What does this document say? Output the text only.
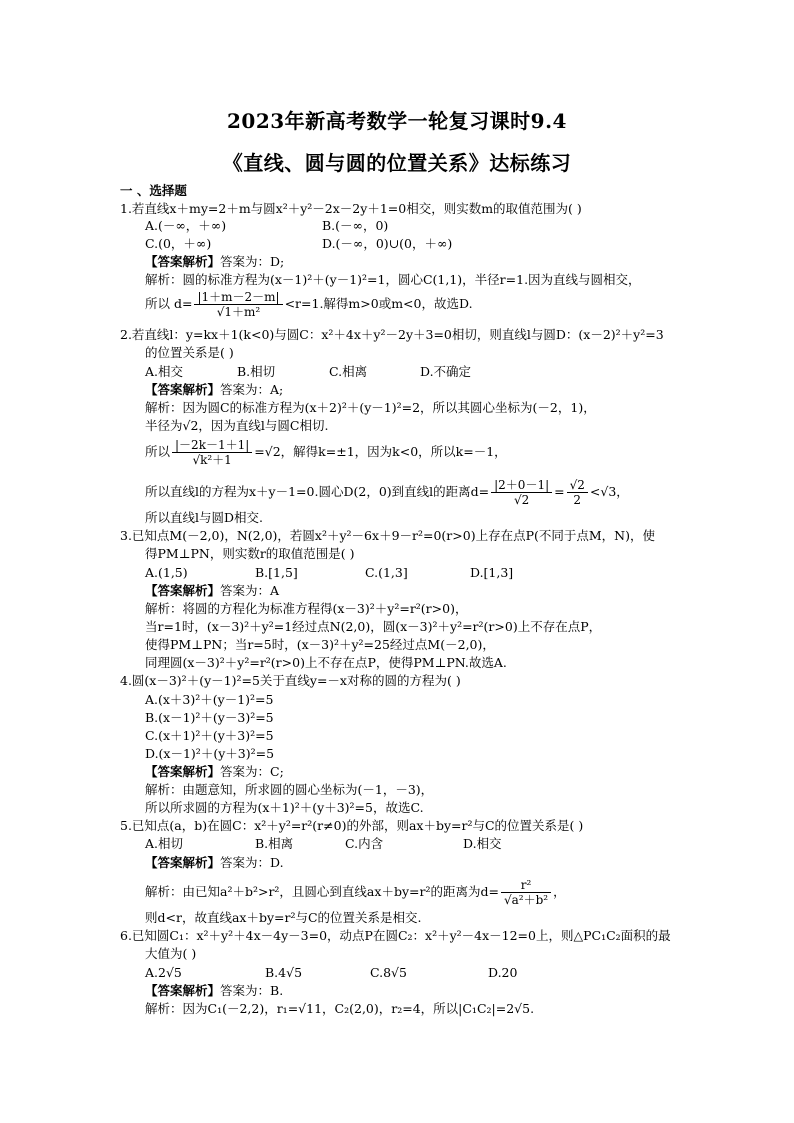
2023年新高考数学一轮复习课时9.4
《直线、圆与圆的位置关系》达标练习
一 、选择题
1.若直线x＋my=2＋m与圆x²＋y²－2x－2y＋1=0相交，则实数m的取值范围为( )
A.(－∞，＋∞)	B.(－∞，0)
C.(0，＋∞)	D.(－∞，0)∪(0，＋∞)
【答案解析】答案为：D;
解析：圆的标准方程为(x－1)²＋(y－1)²=1，圆心C(1,1)，半径r=1.因为直线与圆相交，
所以 $d= \frac{|1+m-2-m|}{\text{√1＋m²}} <r=1$.解得m>0或m<0，故选D.
2.若直线l：y=kx＋1(k<0)与圆C：x²＋4x＋y²－2y＋3=0相切，则直线l与圆D：(x－2)²＋y²=3
的位置关系是( )
A.相交	B.相切	C.相离	D.不确定
【答案解析】答案为：A;
解析：因为圆C的标准方程为(x＋2)²＋(y－1)²=2，所以其圆心坐标为(－2，1)，
半径为√2，因为直线l与圆C相切.
所以 $\frac{|-2k-1+1|}{\text{√k²＋1}} =√2$，解得k=±1，因为k<0，所以k=－1，
所以直线l的方程为x＋y－1=0.圆心D(2，0)到直线l的距离$d= \frac{|2+0-1|}{√2} = \frac{√2}{2} <√3$，
所以直线l与圆D相交.
3.已知点M(－2,0)，N(2,0)，若圆x²＋y²－6x＋9－r²=0(r>0)上存在点P(不同于点M，N)，使
得PM⊥PN，则实数r的取值范围是( )
A.(1,5)	B.[1,5]	C.(1,3]	D.[1,3]
【答案解析】答案为：A
解析：将圆的方程化为标准方程得(x－3)²＋y²=r²(r>0)，
当r=1时，(x－3)²＋y²=1经过点N(2,0)，圆(x－3)²＋y²=r²(r>0)上不存在点P，
使得PM⊥PN；当r=5时，(x－3)²＋y²=25经过点M(－2,0)，
同理圆(x－3)²＋y²=r²(r>0)上不存在点P，使得PM⊥PN.故选A.
4.圆(x－3)²＋(y－1)²=5关于直线y=－x对称的圆的方程为( )
A.(x＋3)²＋(y－1)²=5
B.(x－1)²＋(y－3)²=5
C.(x＋1)²＋(y＋3)²=5
D.(x－1)²＋(y＋3)²=5
【答案解析】答案为：C;
解析：由题意知，所求圆的圆心坐标为(－1，－3)，
所以所求圆的方程为(x＋1)²＋(y＋3)²=5，故选C.
5.已知点(a，b)在圆C：x²＋y²=r²(r≠0)的外部，则ax＋by=r²与C的位置关系是( )
A.相切	B.相离	C.内含	D.相交
【答案解析】答案为：D.
解析：由已知a²＋b²>r²，且圆心到直线ax＋by=r²的距离为$d= \frac{\text{r²}}{\text{√a²＋b²}}$ ，
则d<r，故直线ax＋by=r²与C的位置关系是相交.
6.已知圆C₁：x²＋y²＋4x－4y－3=0，动点P在圆C₂：x²＋y²－4x－12=0上，则△PC₁C₂面积的最
大值为( )
A.2√5	B.4√5	C.8√5	D.20
【答案解析】答案为：B.
解析：因为C₁(－2,2)，r₁=√11，C₂(2,0)，r₂=4，所以|C₁C₂|=2√5.
